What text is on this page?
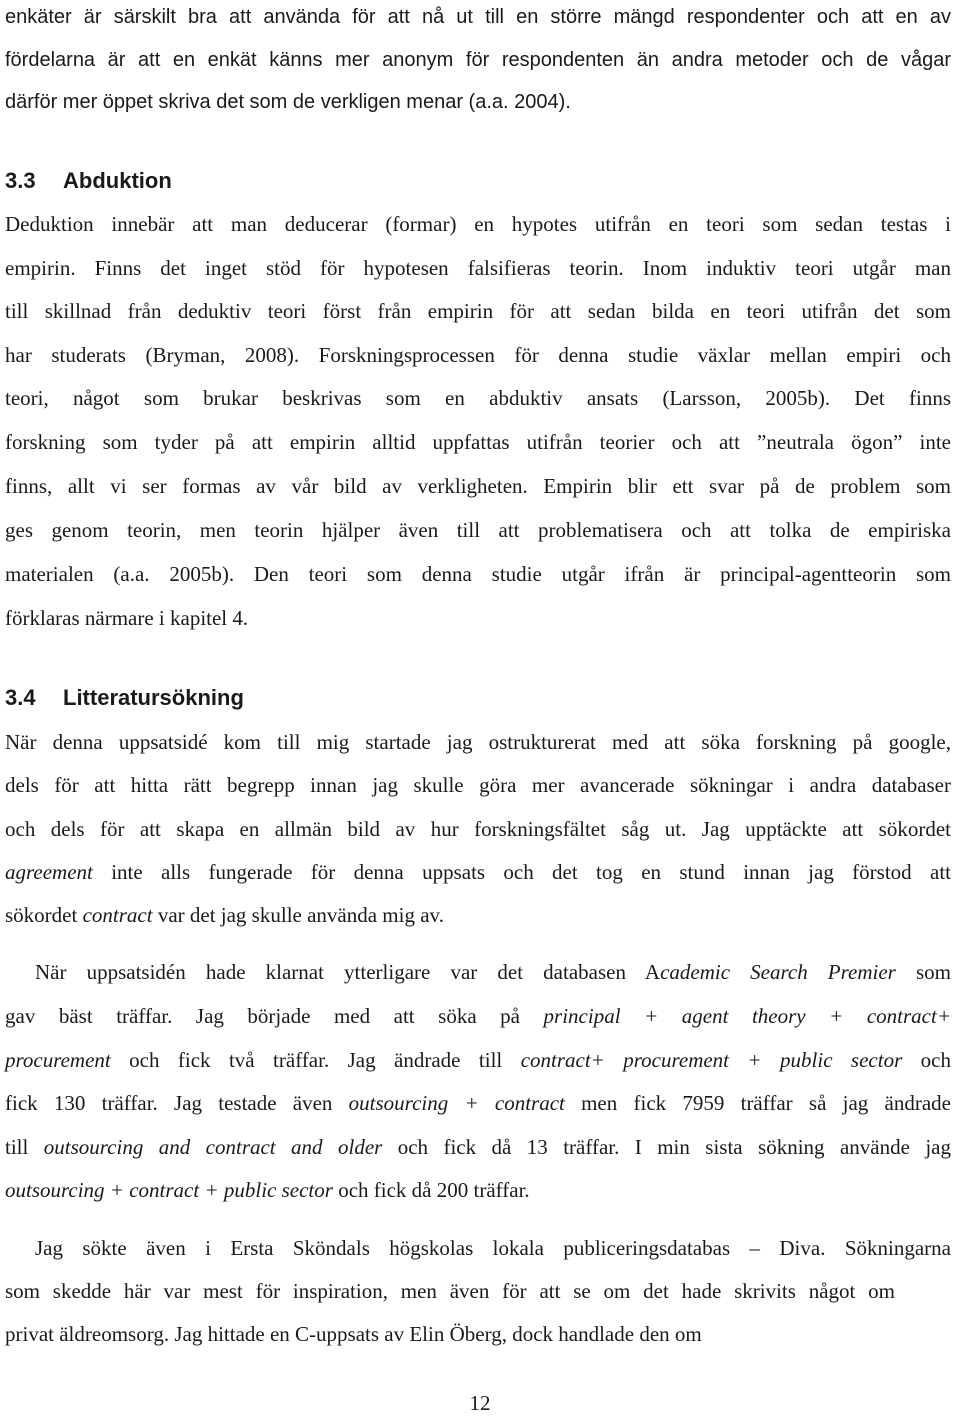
enkäter är särskilt bra att använda för att nå ut till en större mängd respondenter och att en av
fördelarna är att en enkät känns mer anonym för respondenten än andra metoder och de vågar
därför mer öppet skriva det som de verkligen menar (a.a. 2004).
3.3 Abduktion
Deduktion innebär att man deducerar (formar) en hypotes utifrån en teori som sedan testas i
empirin. Finns det inget stöd för hypotesen falsifieras teorin. Inom induktiv teori utgår man
till skillnad från deduktiv teori först från empirin för att sedan bilda en teori utifrån det som
har studerats (Bryman, 2008). Forskningsprocessen för denna studie växlar mellan empiri och
teori, något som brukar beskrivas som en abduktiv ansats (Larsson, 2005b). Det finns
forskning som tyder på att empirin alltid uppfattas utifrån teorier och att ”neutrala ögon” inte
finns, allt vi ser formas av vår bild av verkligheten. Empirin blir ett svar på de problem som
ges genom teorin, men teorin hjälper även till att problematisera och att tolka de empiriska
materialen (a.a. 2005b). Den teori som denna studie utgår ifrån är principal-agentteorin som
förklaras närmare i kapitel 4.
3.4 Litteratursökning
När denna uppsatsidé kom till mig startade jag ostrukturerat med att söka forskning på google,
dels för att hitta rätt begrepp innan jag skulle göra mer avancerade sökningar i andra databaser
och dels för att skapa en allmän bild av hur forskningsfältet såg ut. Jag upptäckte att sökordet
agreement inte alls fungerade för denna uppsats och det tog en stund innan jag förstod att
sökordet contract var det jag skulle använda mig av.
När uppsatsidén hade klarnat ytterligare var det databasen Academic Search Premier som
gav bäst träffar. Jag började med att söka på principal + agent theory + contract+
procurement och fick två träffar. Jag ändrade till contract+ procurement + public sector och
fick 130 träffar. Jag testade även outsourcing + contract men fick 7959 träffar så jag ändrade
till outsourcing and contract and older och fick då 13 träffar. I min sista sökning använde jag
outsourcing + contract + public sector och fick då 200 träffar.
Jag sökte även i Ersta Sköndals högskolas lokala publiceringsdatabas – Diva. Sökningarna
som skedde här var mest för inspiration, men även för att se om det hade skrivits något om
privat äldreomsorg. Jag hittade en C-uppsats av Elin Öberg, dock handlade den om
12
